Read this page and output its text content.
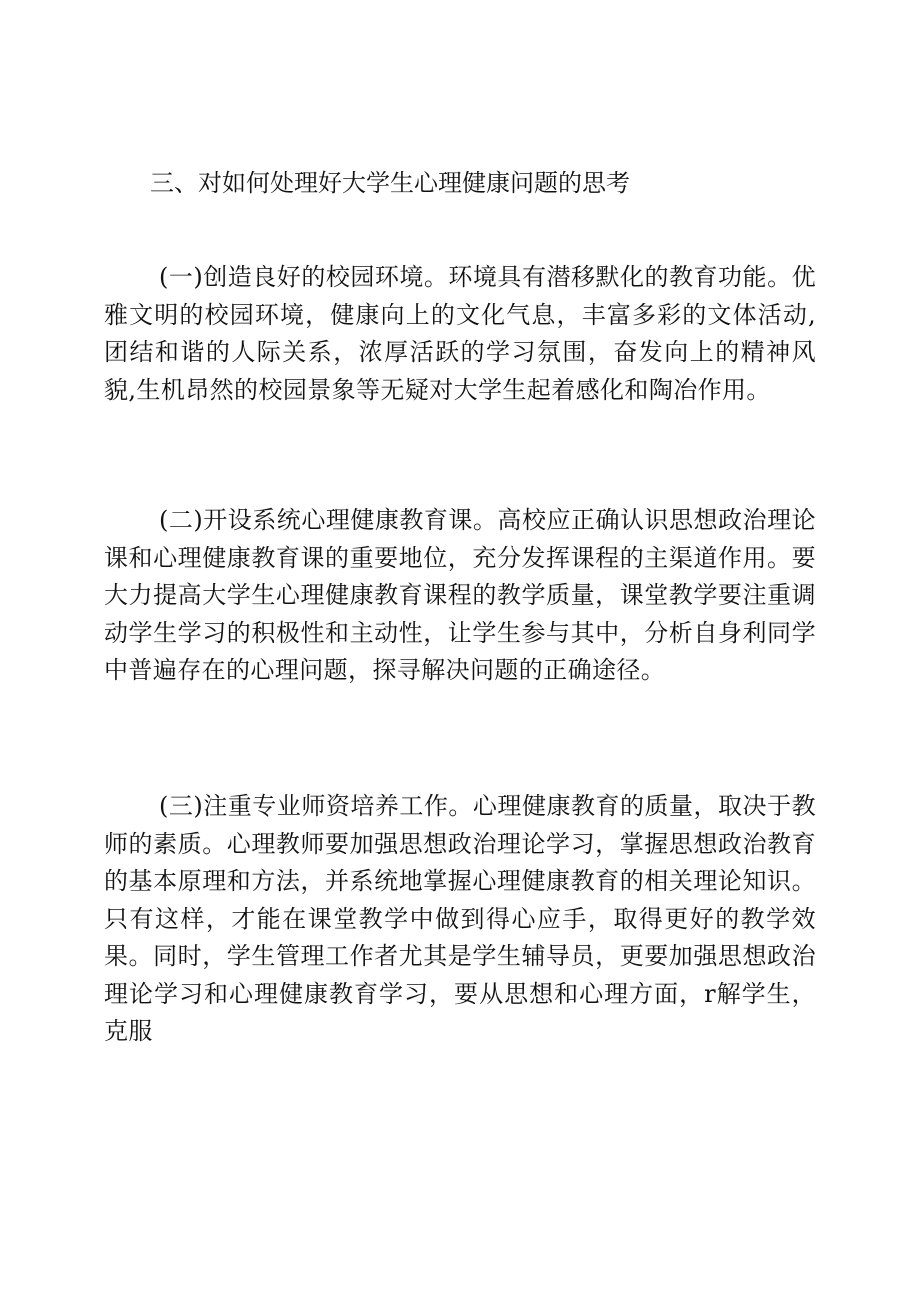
三、对如何处理好大学生心理健康问题的思考

(一)创造良好的校园环境。环境具有潜移默化的教育功能。优雅文明的校园环境，健康向上的文化气息，丰富多彩的文体活动,团结和谐的人际关系，浓厚活跃的学习氛围，奋发向上的精神风貌,生机昂然的校园景象等无疑对大学生起着感化和陶冶作用。

(二)开设系统心理健康教育课。高校应正确认识思想政治理论课和心理健康教育课的重要地位，充分发挥课程的主渠道作用。要大力提高大学生心理健康教育课程的教学质量，课堂教学要注重调动学生学习的积极性和主动性，让学生参与其中，分析自身利同学中普遍存在的心理问题，探寻解决问题的正确途径。

(三)注重专业师资培养工作。心理健康教育的质量，取决于教师的素质。心理教师要加强思想政治理论学习，掌握思想政治教育的基本原理和方法，并系统地掌握心理健康教育的相关理论知识。只有这样，才能在课堂教学中做到得心应手，取得更好的教学效果。同时，学生管理工作者尤其是学生辅导员，更要加强思想政治理论学习和心理健康教育学习，要从思想和心理方面，r解学生，克服
